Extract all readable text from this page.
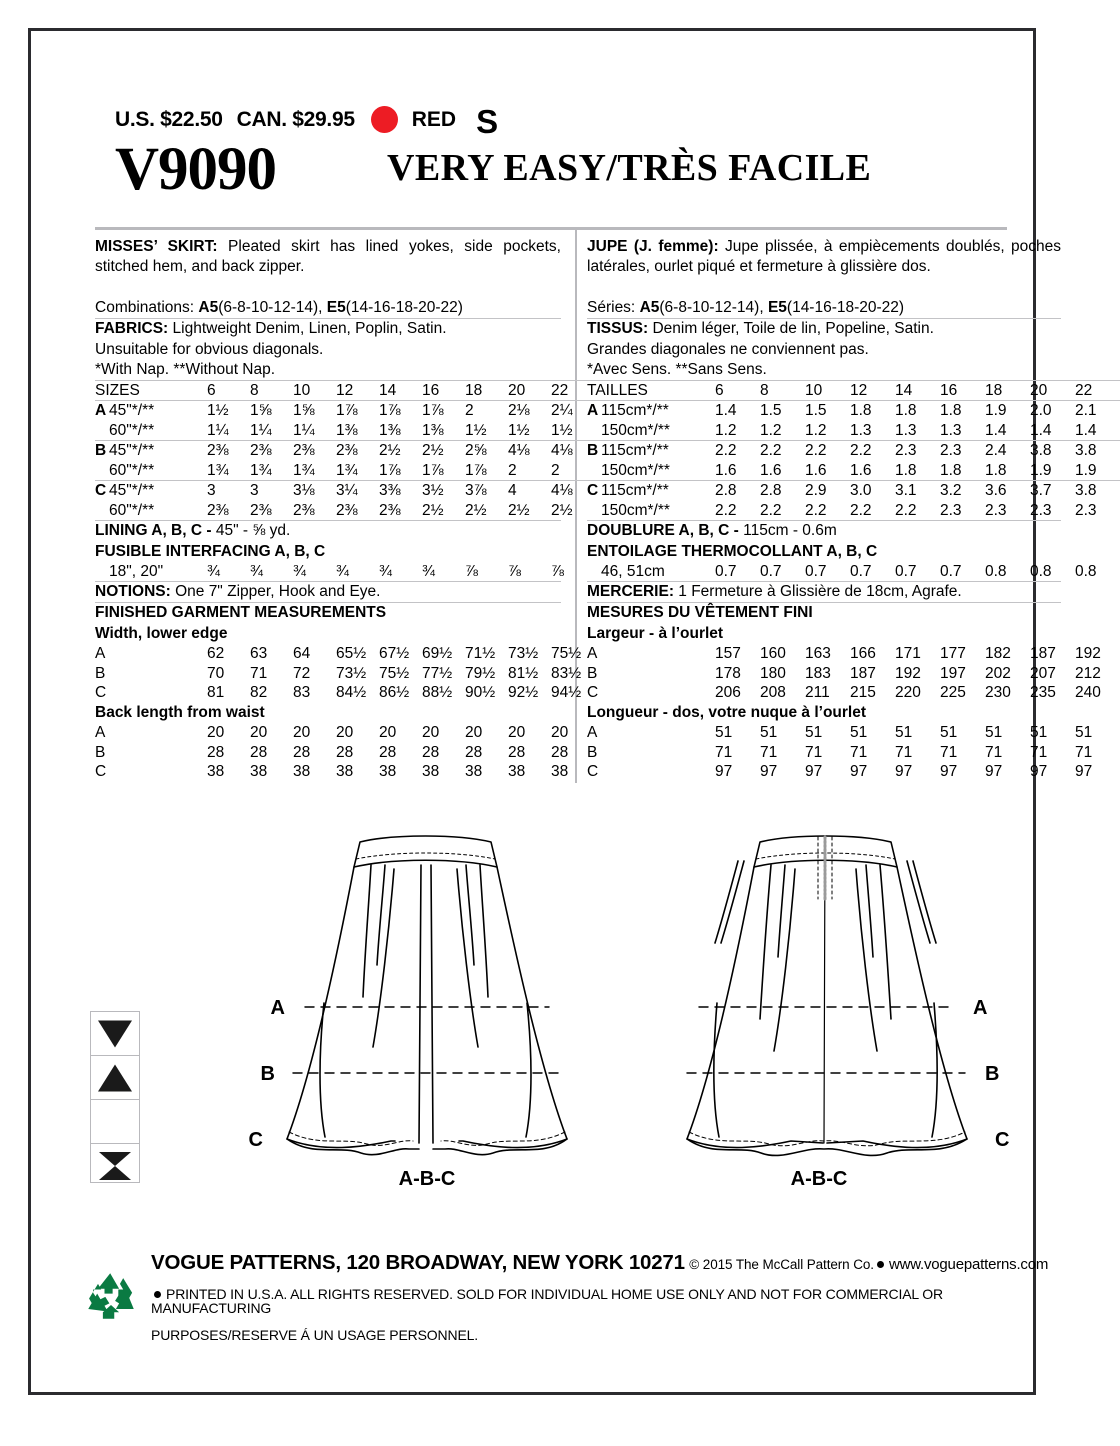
U.S. $22.50 CAN. $29.95	RED S
V9090	VERY EASY/TRÈS FACILE

MISSES’ SKIRT: Pleated skirt has lined yokes, side pockets, stitched hem, and back zipper.

Combinations: A5(6-8-10-12-14), E5(14-16-18-20-22)
FABRICS: Lightweight Denim, Linen, Poplin, Satin.
Unsuitable for obvious diagonals.
*With Nap. **Without Nap.
SIZES	6	8	10	12	14	16	18	20	22
A 45"*/**	1½	1⅝	1⅝	1⅞	1⅞	1⅞	2	2⅛	2¼
60"*/**	1¼	1¼	1¼	1⅜	1⅜	1⅜	1½	1½	1½
B 45"*/**	2⅜	2⅜	2⅜	2⅜	2½	2½	2⅝	4⅛	4⅛
60"*/**	1¾	1¾	1¾	1¾	1⅞	1⅞	1⅞	2	2
C 45"*/**	3	3	3⅛	3¼	3⅜	3½	3⅞	4	4⅛
60"*/**	2⅜	2⅜	2⅜	2⅜	2⅜	2½	2½	2½	2½
LINING A, B, C - 45" - ⅝ yd.
FUSIBLE INTERFACING A, B, C
18", 20"	¾	¾	¾	¾	¾	¾	⅞	⅞	⅞
NOTIONS: One 7" Zipper, Hook and Eye.
FINISHED GARMENT MEASUREMENTS
Width, lower edge
A	62	63	64	65½	67½	69½	71½	73½	75½
B	70	71	72	73½	75½	77½	79½	81½	83½
C	81	82	83	84½	86½	88½	90½	92½	94½
Back length from waist
A	20	20	20	20	20	20	20	20	20
B	28	28	28	28	28	28	28	28	28
C	38	38	38	38	38	38	38	38	38

JUPE (J. femme): Jupe plissée, à empiècements doublés, poches latérales, ourlet piqué et fermeture à glissière dos.

Séries: A5(6-8-10-12-14), E5(14-16-18-20-22)
TISSUS: Denim léger, Toile de lin, Popeline, Satin.
Grandes diagonales ne conviennent pas.
*Avec Sens. **Sans Sens.
TAILLES	6	8	10	12	14	16	18	20	22
A 115cm*/**	1.4	1.5	1.5	1.8	1.8	1.8	1.9	2.0	2.1
150cm*/**	1.2	1.2	1.2	1.3	1.3	1.3	1.4	1.4	1.4
B 115cm*/**	2.2	2.2	2.2	2.2	2.3	2.3	2.4	3.8	3.8
150cm*/**	1.6	1.6	1.6	1.6	1.8	1.8	1.8	1.9	1.9
C 115cm*/**	2.8	2.8	2.9	3.0	3.1	3.2	3.6	3.7	3.8
150cm*/**	2.2	2.2	2.2	2.2	2.2	2.3	2.3	2.3	2.3
DOUBLURE A, B, C - 115cm - 0.6m
ENTOILAGE THERMOCOLLANT A, B, C
46, 51cm	0.7	0.7	0.7	0.7	0.7	0.7	0.8	0.8	0.8
MERCERIE: 1 Fermeture à Glissière de 18cm, Agrafe.
MESURES DU VÊTEMENT FINI
Largeur - à l’ourlet
A	157	160	163	166	171	177	182	187	192
B	178	180	183	187	192	197	202	207	212
C	206	208	211	215	220	225	230	235	240
Longueur - dos, votre nuque à l’ourlet
A	51	51	51	51	51	51	51	51	51
B	71	71	71	71	71	71	71	71	71
C	97	97	97	97	97	97	97	97	97
A
B
C
A-B-C
A
B
C
A-B-C
VOGUE PATTERNS, 120 BROADWAY, NEW YORK 10271 © 2015 The McCall Pattern Co. www.voguepatterns.com
PRINTED IN U.S.A. ALL RIGHTS RESERVED. SOLD FOR INDIVIDUAL HOME USE ONLY AND NOT FOR COMMERCIAL OR MANUFACTURING
PURPOSES/RESERVE Á UN USAGE PERSONNEL.
